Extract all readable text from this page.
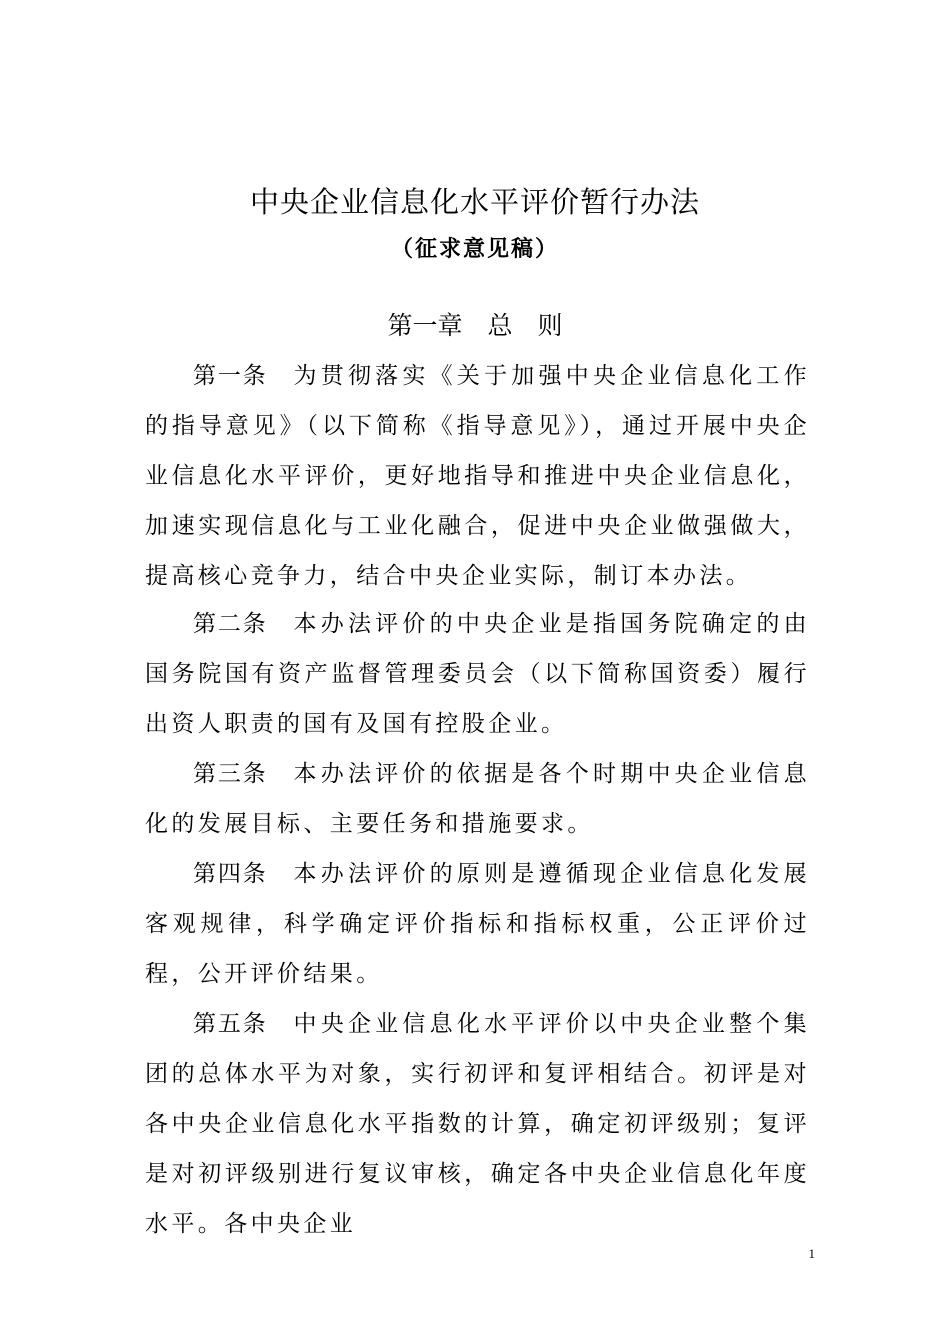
中央企业信息化水平评价暂行办法
（征求意见稿）
第一章　总　则

第一条 为贯彻落实《关于加强中央企业信息化工作的指导意见》（以下简称《指导意见》），通过开展中央企业信息化水平评价，更好地指导和推进中央企业信息化，加速实现信息化与工业化融合，促进中央企业做强做大，提高核心竞争力，结合中央企业实际，制订本办法。

第二条 本办法评价的中央企业是指国务院确定的由国务院国有资产监督管理委员会（以下简称国资委）履行出资人职责的国有及国有控股企业。

第三条 本办法评价的依据是各个时期中央企业信息化的发展目标、主要任务和措施要求。

第四条 本办法评价的原则是遵循现企业信息化发展客观规律，科学确定评价指标和指标权重，公正评价过程，公开评价结果。

第五条 中央企业信息化水平评价以中央企业整个集团的总体水平为对象，实行初评和复评相结合。初评是对各中央企业信息化水平指数的计算，确定初评级别；复评是对初评级别进行复议审核，确定各中央企业信息化年度水平。各中央企业

1
